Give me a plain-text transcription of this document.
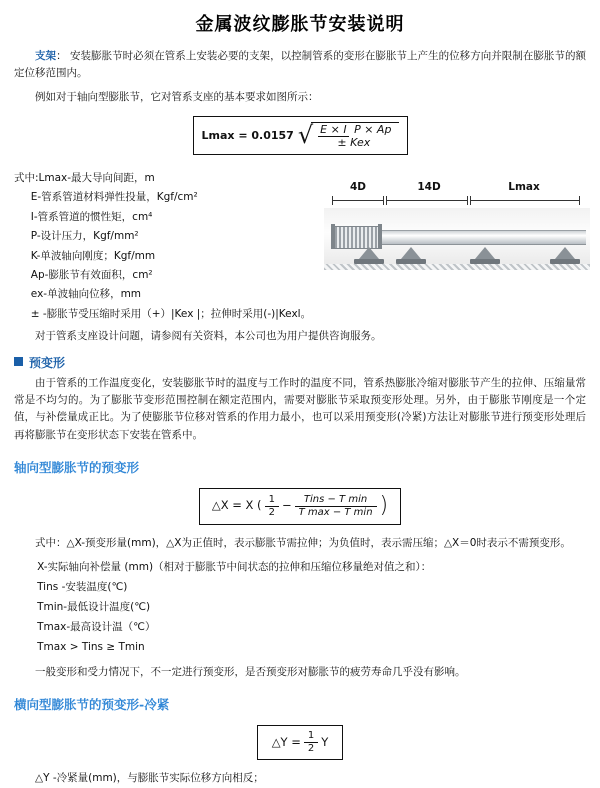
金属波纹膨胀节安装说明

支架： 安装膨胀节时必须在管系上安装必要的支架，以控制管系的变形在膨胀节上产生的位移方向并限制在膨胀节的额定位移范围内。

例如对于轴向型膨胀节，它对管系支座的基本要求如图所示：

Lmax = 0.0157 √ E × I P × Ap ± Kex
式中:Lmax-最大导向间距，m
E-管系管道材料弹性投量，Kgf/cm²
I-管系管道的惯性矩，cm⁴
P-设计压力，Kgf/mm²
K-单波轴向刚度；Kgf/mm
Ap-膨胀节有效面积，cm²
ex-单波轴向位移，mm
± -膨胀节受压缩时采用（+）|Kex |；拉伸时采用(-)|Kexl。
4D	14D	Lmax

对于管系支座设计问题，请参阅有关资料，本公司也为用户提供咨询服务。

预变形

由于管系的工作温度变化，安装膨胀节时的温度与工作时的温度不同，管系热膨胀冷缩对膨胀节产生的拉伸、压缩量常常是不均匀的。为了膨胀节变形范围控制在额定范围内，需要对膨胀节采取预变形处理。另外，由于膨胀节刚度是一个定值，与补偿量成正比。为了使膨胀节位移对管系的作用力最小，也可以采用预变形(冷紧)方法让对膨胀节进行预变形处理后再将膨胀节在变形状态下安装在管系中。

轴向型膨胀节的预变形
△X = X ( $\frac{1}{2}$ −	Tins − T min
T max − T min )

式中：△X-预变形量(mm)，△X为正值时，表示膨胀节需拉伸；为负值时，表示需压缩；△X＝0时表示不需预变形。

X-实际轴向补偿量 (mm)（相对于膨胀节中间状态的拉伸和压缩位移量绝对值之和）：
Tins -安装温度(℃)
Tmin-最低设计温度(℃)
Tmax-最高设计温（℃）
Tmax > Tins ≥ Tmin

一般变形和受力情况下，不一定进行预变形，是否预变形对膨胀节的疲劳寿命几乎没有影响。

横向型膨胀节的预变形-冷紧
△Y = $\frac{1}{2}$ Y

△Y -冷紧量(mm)，与膨胀节实际位移方向相反；
